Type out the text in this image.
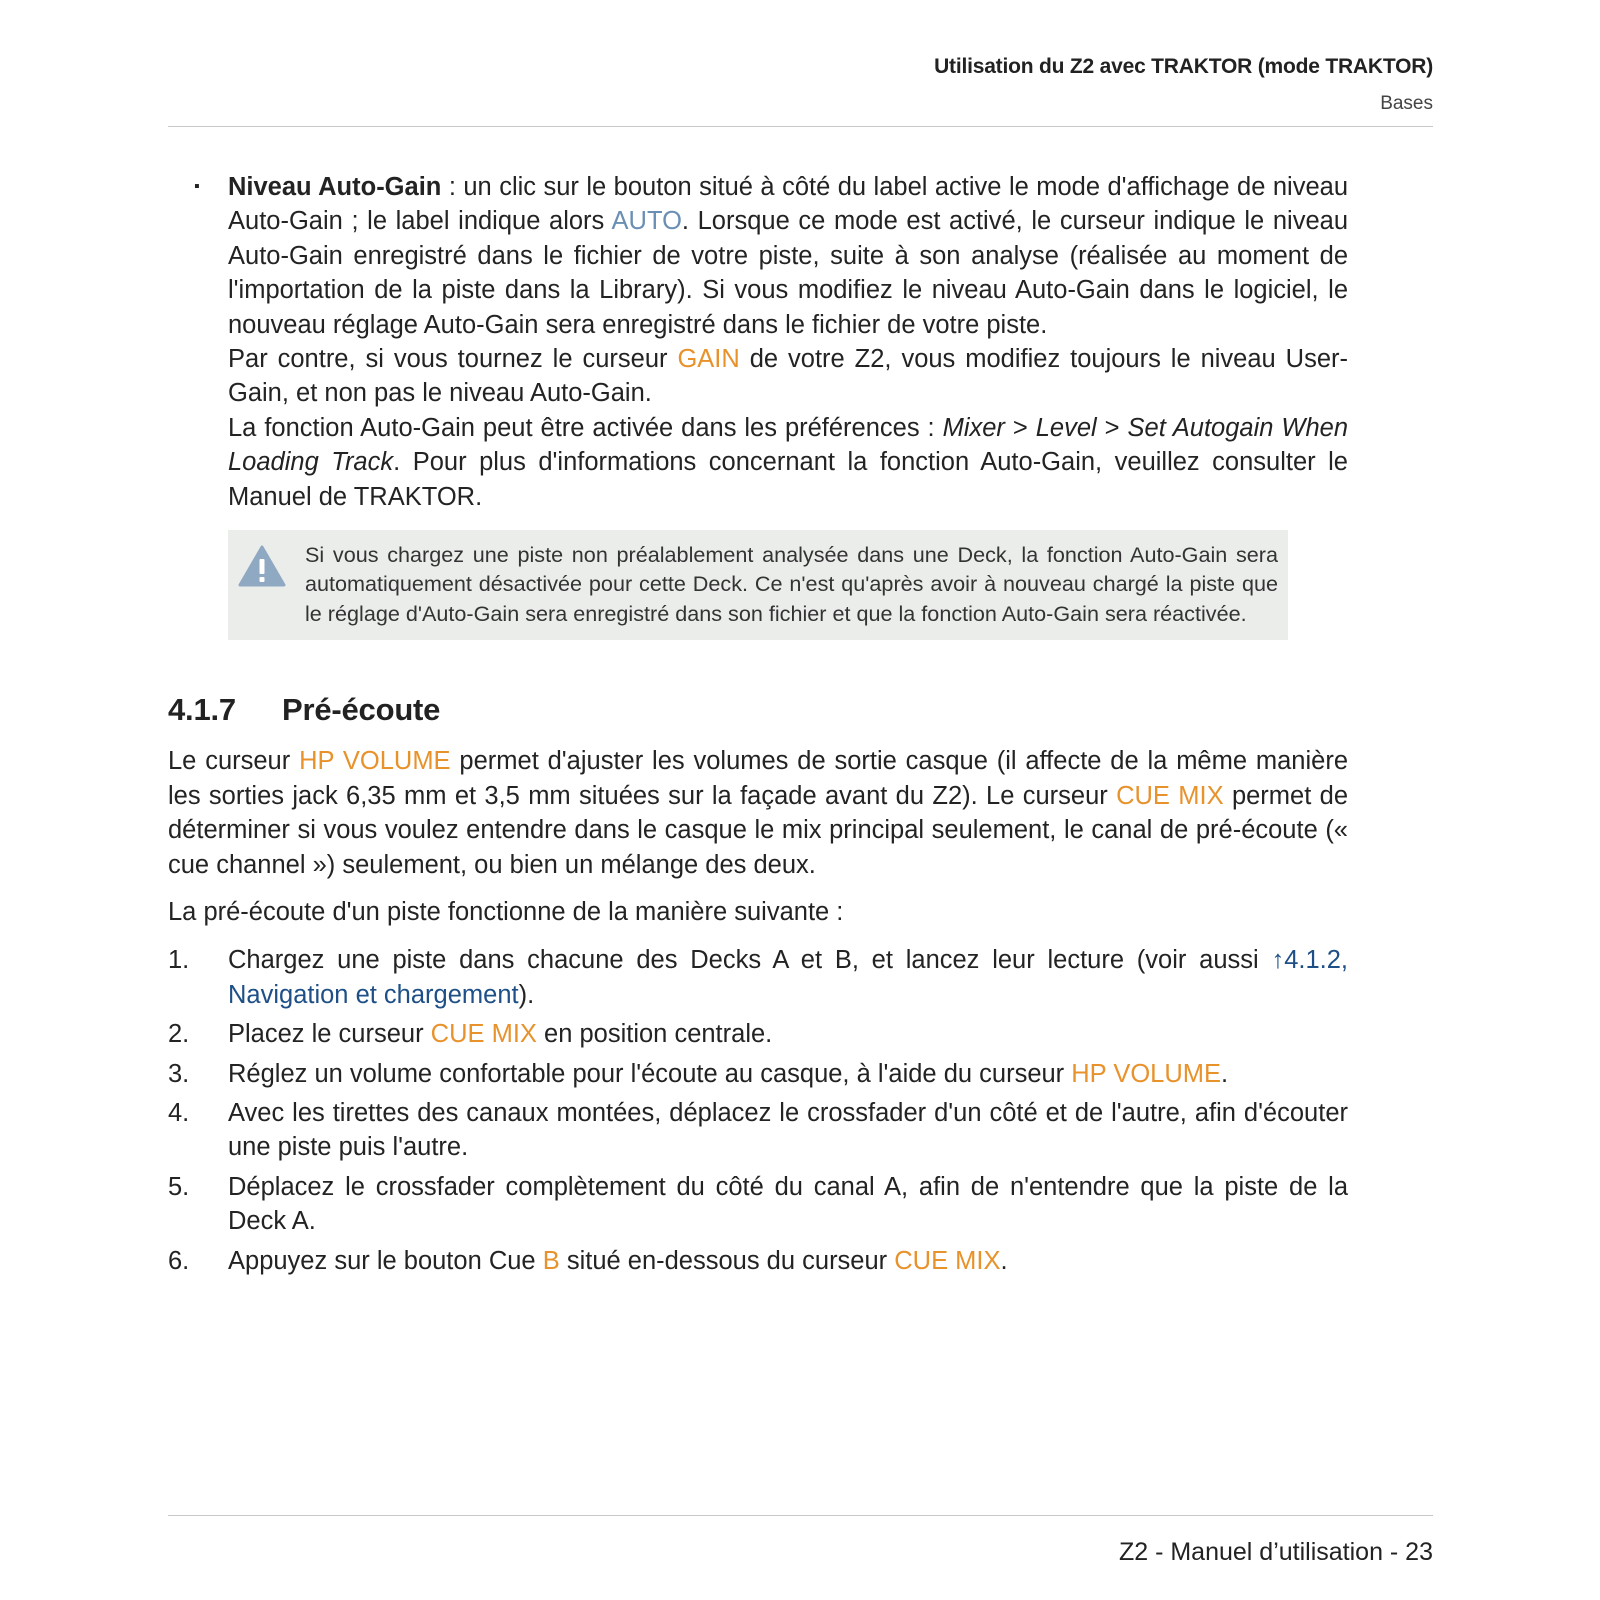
Utilisation du Z2 avec TRAKTOR (mode TRAKTOR)
Bases
▪ Niveau Auto-Gain : un clic sur le bouton situé à côté du label active le mode d'affichage de niveau Auto-Gain ; le label indique alors AUTO. Lorsque ce mode est activé, le curseur indique le niveau Auto-Gain enregistré dans le fichier de votre piste, suite à son analyse (réalisée au moment de l'importation de la piste dans la Library). Si vous modifiez le niveau Auto-Gain dans le logiciel, le nouveau réglage Auto-Gain sera enregistré dans le fichier de votre piste.

Par contre, si vous tournez le curseur GAIN de votre Z2, vous modifiez toujours le niveau User-Gain, et non pas le niveau Auto-Gain.

La fonction Auto-Gain peut être activée dans les préférences : Mixer > Level > Set Autogain When Loading Track. Pour plus d'informations concernant la fonction Auto-Gain, veuillez consulter le Manuel de TRAKTOR.

Si vous chargez une piste non préalablement analysée dans une Deck, la fonction Auto-Gain sera automatiquement désactivée pour cette Deck. Ce n'est qu'après avoir à nouveau chargé la piste que le réglage d'Auto-Gain sera enregistré dans son fichier et que la fonction Auto-Gain sera réactivée.
4.1.7 Pré-écoute

Le curseur HP VOLUME permet d'ajuster les volumes de sortie casque (il affecte de la même manière les sorties jack 6,35 mm et 3,5 mm situées sur la façade avant du Z2). Le curseur CUE MIX permet de déterminer si vous voulez entendre dans le casque le mix principal seulement, le canal de pré-écoute (« cue channel ») seulement, ou bien un mélange des deux.

La pré-écoute d'un piste fonctionne de la manière suivante :

1. Chargez une piste dans chacune des Decks A et B, et lancez leur lecture (voir aussi ↑4.1.2, Navigation et chargement).
2. Placez le curseur CUE MIX en position centrale.
3. Réglez un volume confortable pour l'écoute au casque, à l'aide du curseur HP VOLUME.
4. Avec les tirettes des canaux montées, déplacez le crossfader d'un côté et de l'autre, afin d'écouter une piste puis l'autre.
5. Déplacez le crossfader complètement du côté du canal A, afin de n'entendre que la piste de la Deck A.
6. Appuyez sur le bouton Cue B situé en-dessous du curseur CUE MIX.
Z2 - Manuel d’utilisation - 23
